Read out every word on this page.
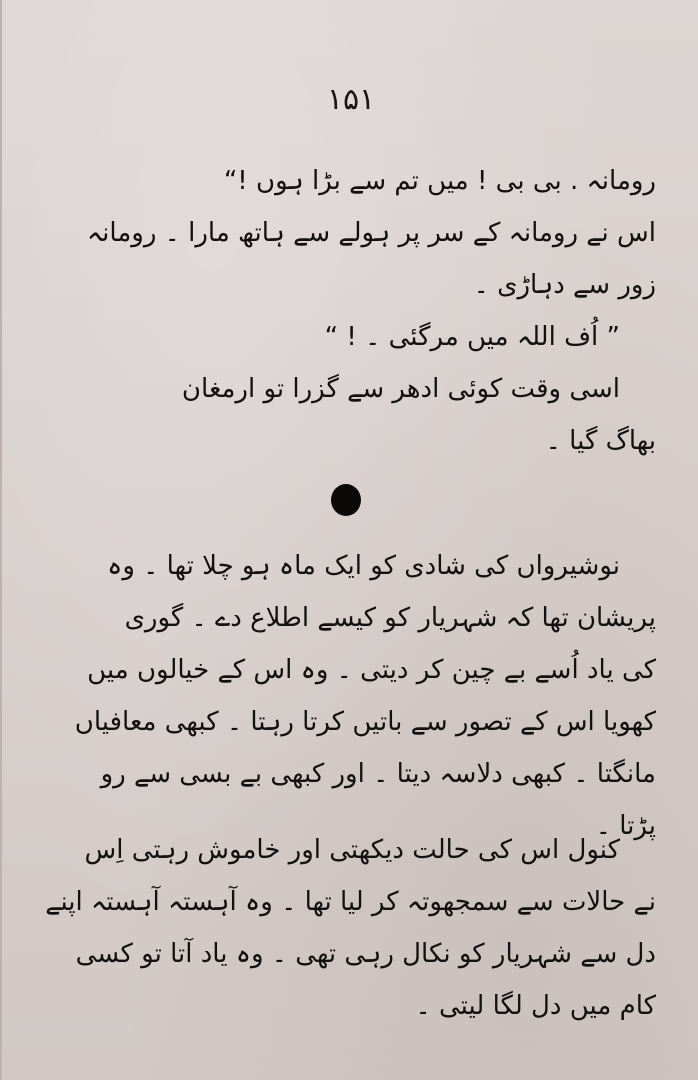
۱۵۱
رومانہ . بی بی ! میں تم سے بڑا ہوں !“
اس نے رومانہ کے سر پر ہولے سے ہاتھ مارا ۔ رومانہ
زور سے دہاڑی ۔
” اُف اللہ میں مرگئی ۔ ! “
اسی وقت کوئی ادھر سے گزرا تو ارمغان
بھاگ گیا ۔
نوشیرواں کی شادی کو ایک ماہ ہو چلا تھا ۔ وہ
پریشان تھا کہ شہریار کو کیسے اطلاع دے ۔ گوری
کی یاد اُسے بے چین کر دیتی ۔ وہ اس کے خیالوں میں
کھویا اس کے تصور سے باتیں کرتا رہتا ۔ کبھی معافیاں
مانگتا ۔ کبھی دلاسہ دیتا ۔ اور کبھی بے بسی سے رو
پڑتا ۔
کنول اس کی حالت دیکھتی اور خاموش رہتی اِس
نے حالات سے سمجھوتہ کر لیا تھا ۔ وہ آہستہ آہستہ اپنے
دل سے شہریار کو نکال رہی تھی ۔ وہ یاد آتا تو کسی
کام میں دل لگا لیتی ۔
